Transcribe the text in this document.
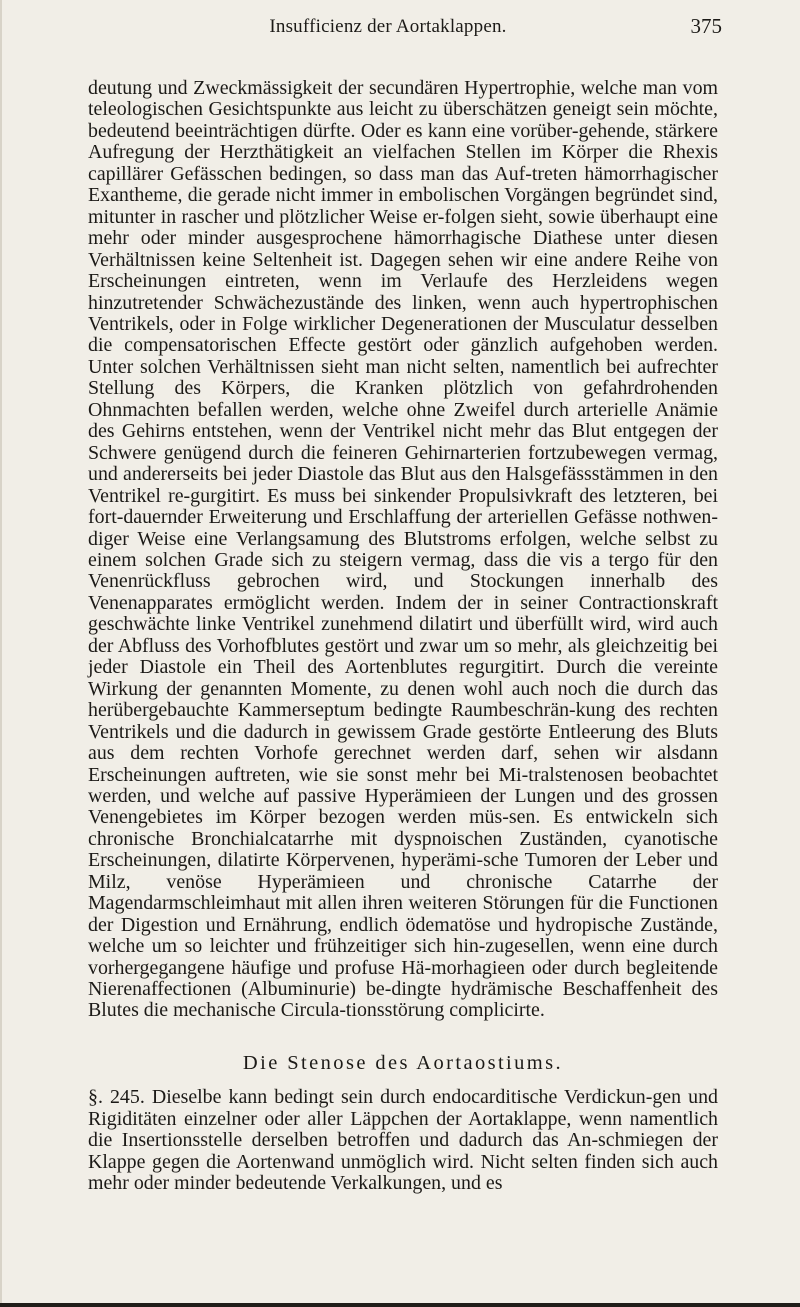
Insufficienz der Aortaklappen.	375

deutung und Zweckmässigkeit der secundären Hypertrophie, welche man vom teleologischen Gesichtspunkte aus leicht zu überschätzen geneigt sein möchte, bedeutend beeinträchtigen dürfte. Oder es kann eine vorüber-gehende, stärkere Aufregung der Herzthätigkeit an vielfachen Stellen im Körper die Rhexis capillärer Gefässchen bedingen, so dass man das Auf-treten hämorrhagischer Exantheme, die gerade nicht immer in embolischen Vorgängen begründet sind, mitunter in rascher und plötzlicher Weise er-folgen sieht, sowie überhaupt eine mehr oder minder ausgesprochene hämorrhagische Diathese unter diesen Verhältnissen keine Seltenheit ist. Dagegen sehen wir eine andere Reihe von Erscheinungen eintreten, wenn im Verlaufe des Herzleidens wegen hinzutretender Schwächezustände des linken, wenn auch hypertrophischen Ventrikels, oder in Folge wirklicher Degenerationen der Musculatur desselben die compensatorischen Effecte gestört oder gänzlich aufgehoben werden. Unter solchen Verhältnissen sieht man nicht selten, namentlich bei aufrechter Stellung des Körpers, die Kranken plötzlich von gefahrdrohenden Ohnmachten befallen werden, welche ohne Zweifel durch arterielle Anämie des Gehirns entstehen, wenn der Ventrikel nicht mehr das Blut entgegen der Schwere genügend durch die feineren Gehirnarterien fortzubewegen vermag, und andererseits bei jeder Diastole das Blut aus den Halsgefässstämmen in den Ventrikel re-gurgitirt. Es muss bei sinkender Propulsivkraft des letzteren, bei fort-dauernder Erweiterung und Erschlaffung der arteriellen Gefässe nothwen-diger Weise eine Verlangsamung des Blutstroms erfolgen, welche selbst zu einem solchen Grade sich zu steigern vermag, dass die vis a tergo für den Venenrückfluss gebrochen wird, und Stockungen innerhalb des Venenapparates ermöglicht werden. Indem der in seiner Contractionskraft geschwächte linke Ventrikel zunehmend dilatirt und überfüllt wird, wird auch der Abfluss des Vorhofblutes gestört und zwar um so mehr, als gleichzeitig bei jeder Diastole ein Theil des Aortenblutes regurgitirt. Durch die vereinte Wirkung der genannten Momente, zu denen wohl auch noch die durch das herübergebauchte Kammerseptum bedingte Raumbeschrän-kung des rechten Ventrikels und die dadurch in gewissem Grade gestörte Entleerung des Bluts aus dem rechten Vorhofe gerechnet werden darf, sehen wir alsdann Erscheinungen auftreten, wie sie sonst mehr bei Mi-tralstenosen beobachtet werden, und welche auf passive Hyperämieen der Lungen und des grossen Venengebietes im Körper bezogen werden müs-sen. Es entwickeln sich chronische Bronchialcatarrhe mit dyspnoischen Zuständen, cyanotische Erscheinungen, dilatirte Körpervenen, hyperämi-sche Tumoren der Leber und Milz, venöse Hyperämieen und chronische Catarrhe der Magendarmschleimhaut mit allen ihren weiteren Störungen für die Functionen der Digestion und Ernährung, endlich ödematöse und hydropische Zustände, welche um so leichter und frühzeitiger sich hin-zugesellen, wenn eine durch vorhergegangene häufige und profuse Hä-morhagieen oder durch begleitende Nierenaffectionen (Albuminurie) be-dingte hydrämische Beschaffenheit des Blutes die mechanische Circula-tionsstörung complicirte.

Die Stenose des Aortaostiums.

§. 245. Dieselbe kann bedingt sein durch endocarditische Verdickun-gen und Rigiditäten einzelner oder aller Läppchen der Aortaklappe, wenn namentlich die Insertionsstelle derselben betroffen und dadurch das An-schmiegen der Klappe gegen die Aortenwand unmöglich wird. Nicht selten finden sich auch mehr oder minder bedeutende Verkalkungen, und es
